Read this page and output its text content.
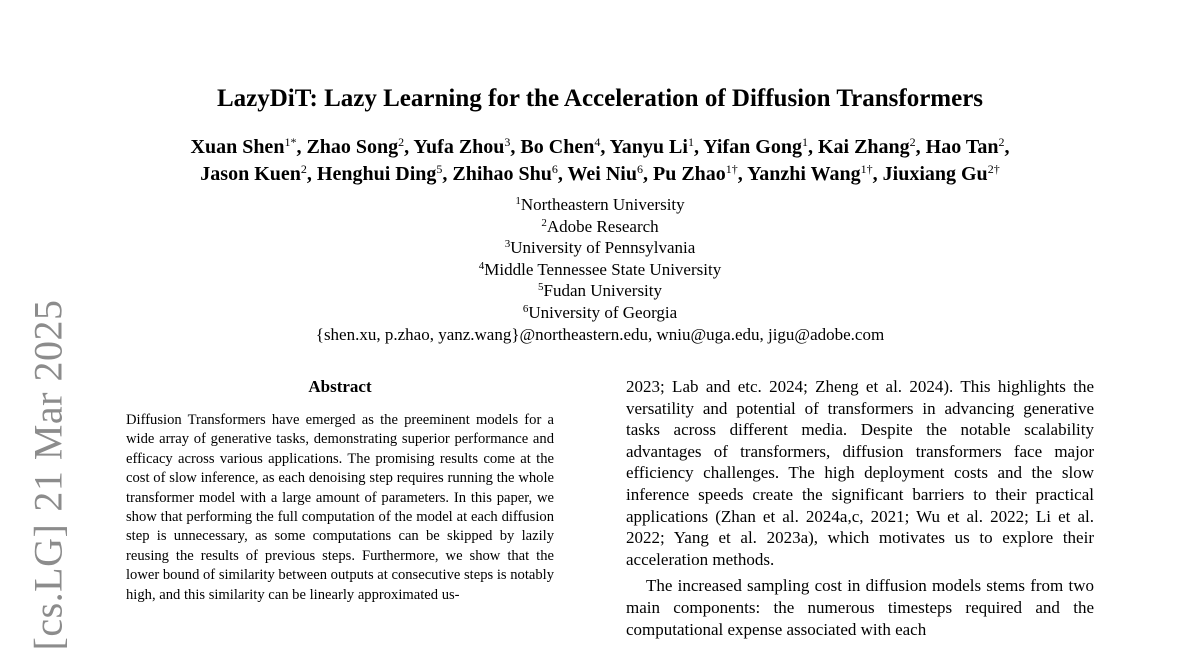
[cs.LG]21 Mar 2025
LazyDiT: Lazy Learning for the Acceleration of Diffusion Transformers
Xuan Shen$^{1*}$, Zhao Song$^2$, Yufa Zhou$^3$, Bo Chen$^4$, Yanyu Li$^1$, Yifan Gong$^1$, Kai Zhang$^2$, Hao Tan$^2$,
Jason Kuen$^2$, Henghui Ding$^5$, Zhihao Shu$^6$, Wei Niu$^6$, Pu Zhao$^{1\dagger}$, Yanzhi Wang$^{1\dagger}$, Jiuxiang $Gu^{2\dagger}$
$^1$Northeastern University
$^2$Adobe Research
$^3$University of Pennsylvania
$^4$Middle Tennessee State University
$^5$Fudan University
$^6$University of Georgia
{shen.xu, p.zhao, yanz.wang}@northeastern.edu, wniu@uga.edu, jigu@adobe.com
Abstract
Diffusion Transformers have emerged as the preeminent models for a wide array of generative tasks, demonstrating superior performance and efficacy across various applications. The promising results come at the cost of slow inference, as each denoising step requires running the whole transformer model with a large amount of parameters. In this paper, we show that performing the full computation of the model at each diffusion step is unnecessary, as some computations can be skipped by lazily reusing the results of previous steps. Furthermore, we show that the lower bound of similarity between outputs at consecutive steps is notably high, and this similarity can be linearly approximated us-

2023; Lab and etc. 2024; Zheng et al. 2024). This highlights the versatility and potential of transformers in advancing generative tasks across different media. Despite the notable scalability advantages of transformers, diffusion transformers face major efficiency challenges. The high deployment costs and the slow inference speeds create the significant barriers to their practical applications (Zhan et al. 2024a,c, 2021; Wu et al. 2022; Li et al. 2022; Yang et al. 2023a), which motivates us to explore their acceleration methods.

The increased sampling cost in diffusion models stems from two main components: the numerous timesteps required and the computational expense associated with each
